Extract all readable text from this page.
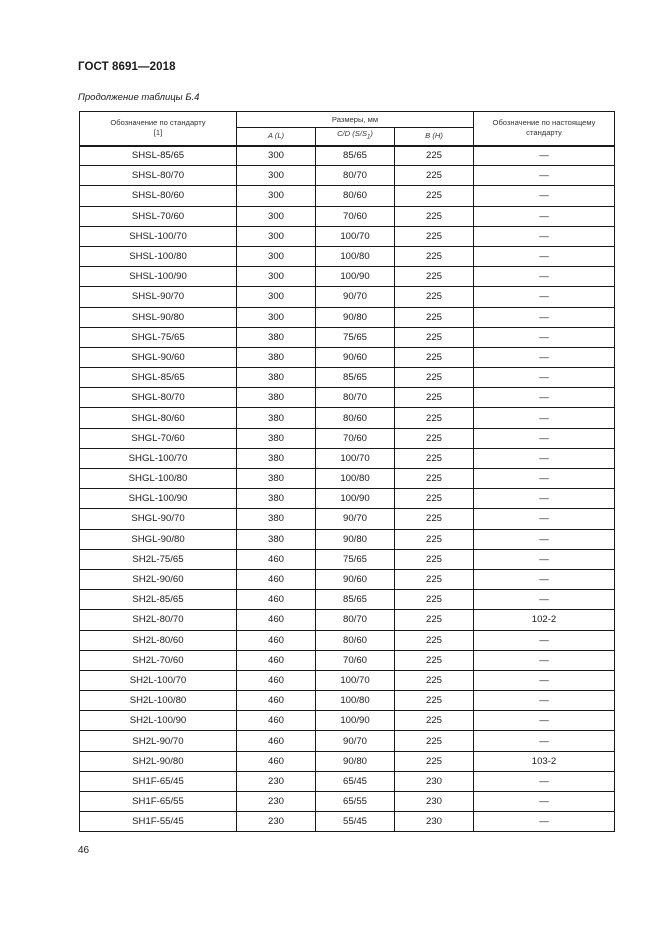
ГОСТ 8691—2018
Продолжение таблицы Б.4
Обозначение по стандарту [1]	Размеры, мм			Обозначение по настоящему стандарту
	A (L)	C/D $(S/S_1)$	B (H)	
SHSL-85/65	300	85/65	225	—
SHSL-80/70	300	80/70	225	—
SHSL-80/60	300	80/60	225	—
SHSL-70/60	300	70/60	225	—
SHSL-100/70	300	100/70	225	—
SHSL-100/80	300	100/80	225	—
SHSL-100/90	300	100/90	225	—
SHSL-90/70	300	90/70	225	—
SHSL-90/80	300	90/80	225	—
SHGL-75/65	380	75/65	225	—
SHGL-90/60	380	90/60	225	—
SHGL-85/65	380	85/65	225	—
SHGL-80/70	380	80/70	225	—
SHGL-80/60	380	80/60	225	—
SHGL-70/60	380	70/60	225	—
SHGL-100/70	380	100/70	225	—
SHGL-100/80	380	100/80	225	—
SHGL-100/90	380	100/90	225	—
SHGL-90/70	380	90/70	225	—
SHGL-90/80	380	90/80	225	—
SH2L-75/65	460	75/65	225	—
SH2L-90/60	460	90/60	225	—
SH2L-85/65	460	85/65	225	—
SH2L-80/70	460	80/70	225	102-2
SH2L-80/60	460	80/60	225	—
SH2L-70/60	460	70/60	225	—
SH2L-100/70	460	100/70	225	—
SH2L-100/80	460	100/80	225	—
SH2L-100/90	460	100/90	225	—
SH2L-90/70	460	90/70	225	—
SH2L-90/80	460	90/80	225	103-2
SH1F-65/45	230	65/45	230	—
SH1F-65/55	230	65/55	230	—
SH1F-55/45	230	55/45	230	—
46
